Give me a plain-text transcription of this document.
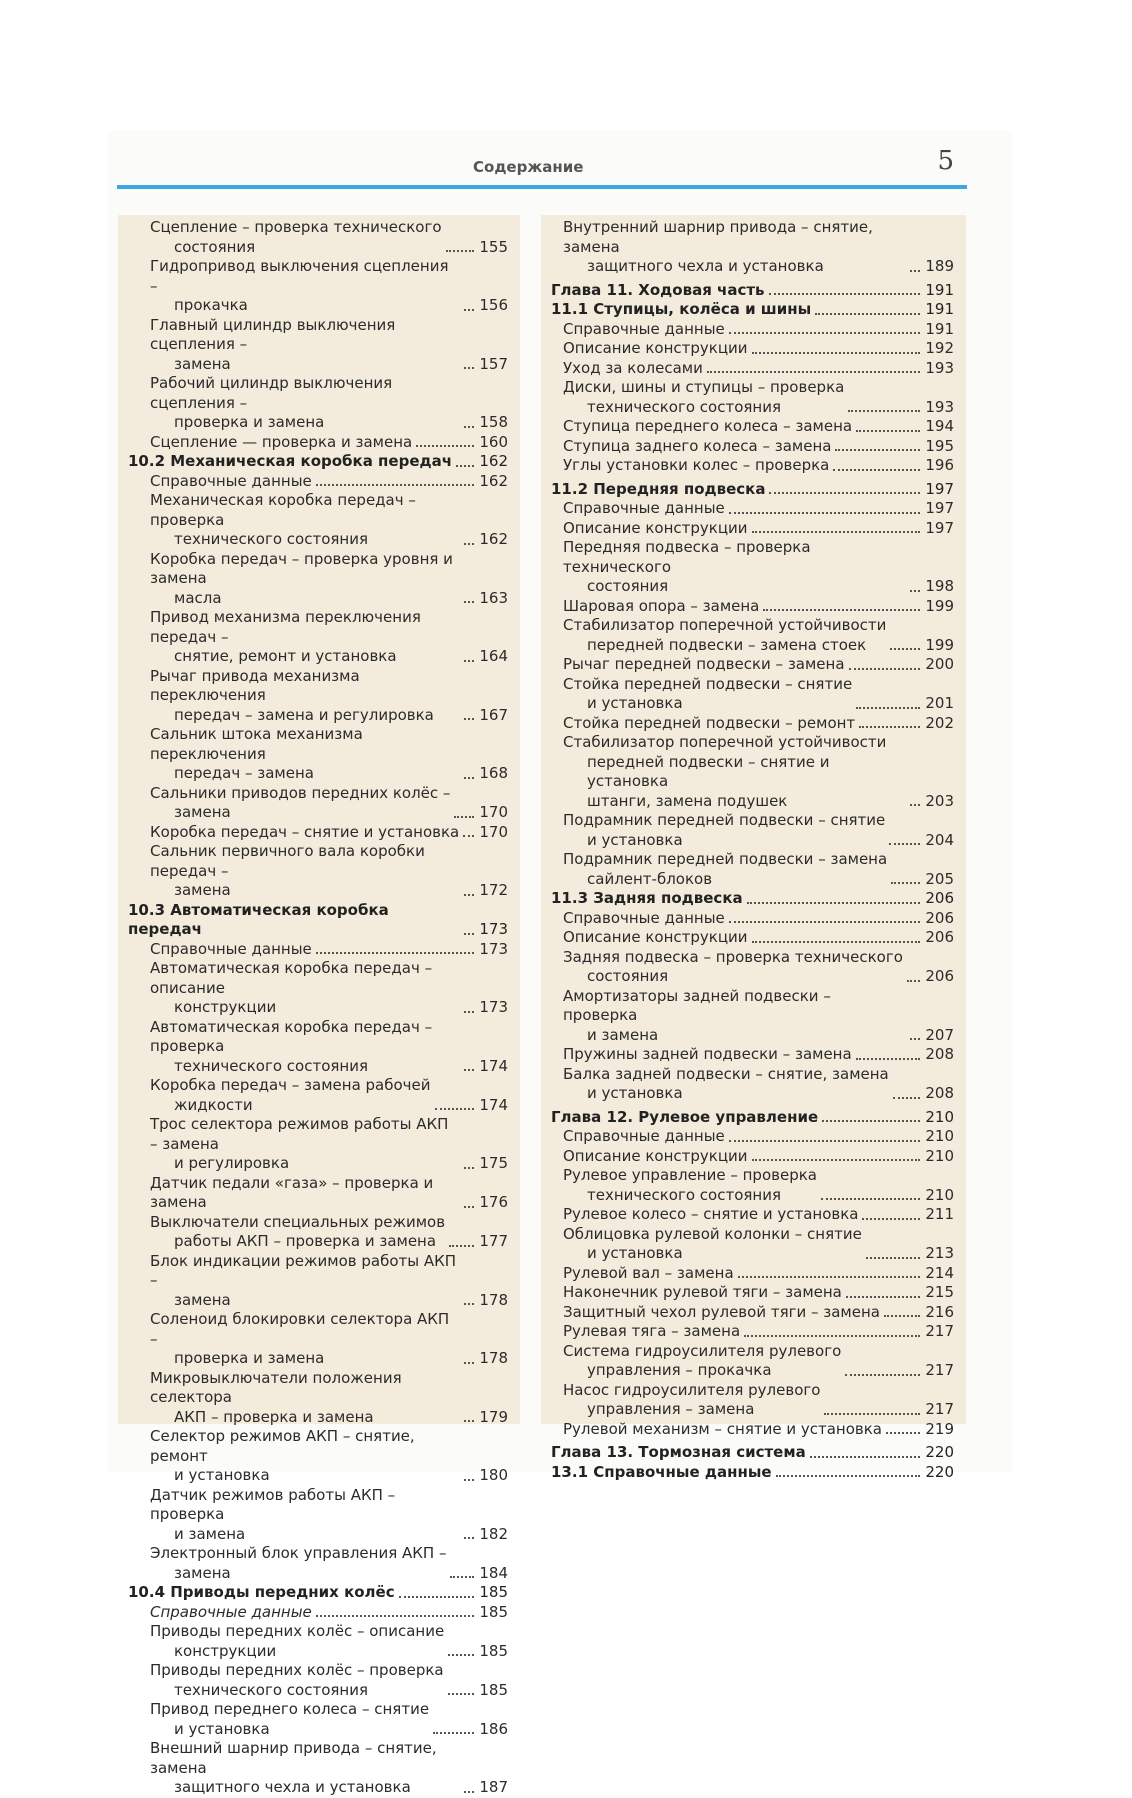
Содержание	5
Сцепление – проверка технического
состояния	155
Гидропривод выключения сцепления –
прокачка	156
Главный цилиндр выключения сцепления –
замена	157
Рабочий цилиндр выключения сцепления –
проверка и замена	158
Сцепление — проверка и замена	160
10.2 Механическая коробка передач 162
Справочные данные	162
Механическая коробка передач – проверка
технического состояния	162
Коробка передач – проверка уровня и замена
масла	163
Привод механизма переключения передач –
снятие, ремонт и установка	164
Рычаг привода механизма переключения
передач – замена и регулировка	167
Сальник штока механизма переключения
передач – замена	168
Сальники приводов передних колёс –
замена	170
Коробка передач – снятие и установка 170
Сальник первичного вала коробки передач –
замена	172
10.3 Автоматическая коробка передач	173
Справочные данные	173
Автоматическая коробка передач – описание
конструкции	173
Автоматическая коробка передач – проверка
технического состояния	174
Коробка передач – замена рабочей
жидкости	174
Трос селектора режимов работы АКП – замена
и регулировка	175
Датчик педали «газа» – проверка и замена	176
Выключатели специальных режимов
работы АКП – проверка и замена	177
Блок индикации режимов работы АКП –
замена	178
Соленоид блокировки селектора АКП –
проверка и замена	178
Микровыключатели положения селектора
АКП – проверка и замена	179
Селектор режимов АКП – снятие, ремонт
и установка	180
Датчик режимов работы АКП – проверка
и замена	182
Электронный блок управления АКП –
замена	184
10.4 Приводы передних колёс	185
Справочные данные	185
Приводы передних колёс – описание
конструкции	185
Приводы передних колёс – проверка
технического состояния	185
Привод переднего колеса – снятие
и установка	186
Внешний шарнир привода – снятие, замена
защитного чехла и установка	187
Внутренний шарнир привода – снятие, замена
защитного чехла и установка	189
Глава 11. Ходовая часть	191
11.1 Ступицы, колёса и шины	191
Справочные данные	191
Описание конструкции	192
Уход за колесами	193
Диски, шины и ступицы – проверка
технического состояния	193
Ступица переднего колеса – замена	194
Ступица заднего колеса – замена	195
Углы установки колес – проверка	196
11.2 Передняя подвеска	197
Справочные данные	197
Описание конструкции	197
Передняя подвеска – проверка технического
состояния	198
Шаровая опора – замена	199
Стабилизатор поперечной устойчивости
передней подвески – замена стоек	199
Рычаг передней подвески – замена	200
Стойка передней подвески – снятие
и установка	201
Стойка передней подвески – ремонт	202
Стабилизатор поперечной устойчивости
передней подвески – снятие и установка
штанги, замена подушек	203
Подрамник передней подвески – снятие
и установка	204
Подрамник передней подвески – замена
сайлент-блоков	205
11.3 Задняя подвеска	206
Справочные данные	206
Описание конструкции	206
Задняя подвеска – проверка технического
состояния	206
Амортизаторы задней подвески – проверка
и замена	207
Пружины задней подвески – замена	208
Балка задней подвески – снятие, замена
и установка	208
Глава 12. Рулевое управление	210
Справочные данные	210
Описание конструкции	210
Рулевое управление – проверка
технического состояния	210
Рулевое колесо – снятие и установка	211
Облицовка рулевой колонки – снятие
и установка	213
Рулевой вал – замена	214
Наконечник рулевой тяги – замена	215
Защитный чехол рулевой тяги – замена	216
Рулевая тяга – замена	217
Система гидроусилителя рулевого
управления – прокачка	217
Насос гидроусилителя рулевого
управления – замена	217
Рулевой механизм – снятие и установка	219
Глава 13. Тормозная система	220
13.1 Справочные данные	220
